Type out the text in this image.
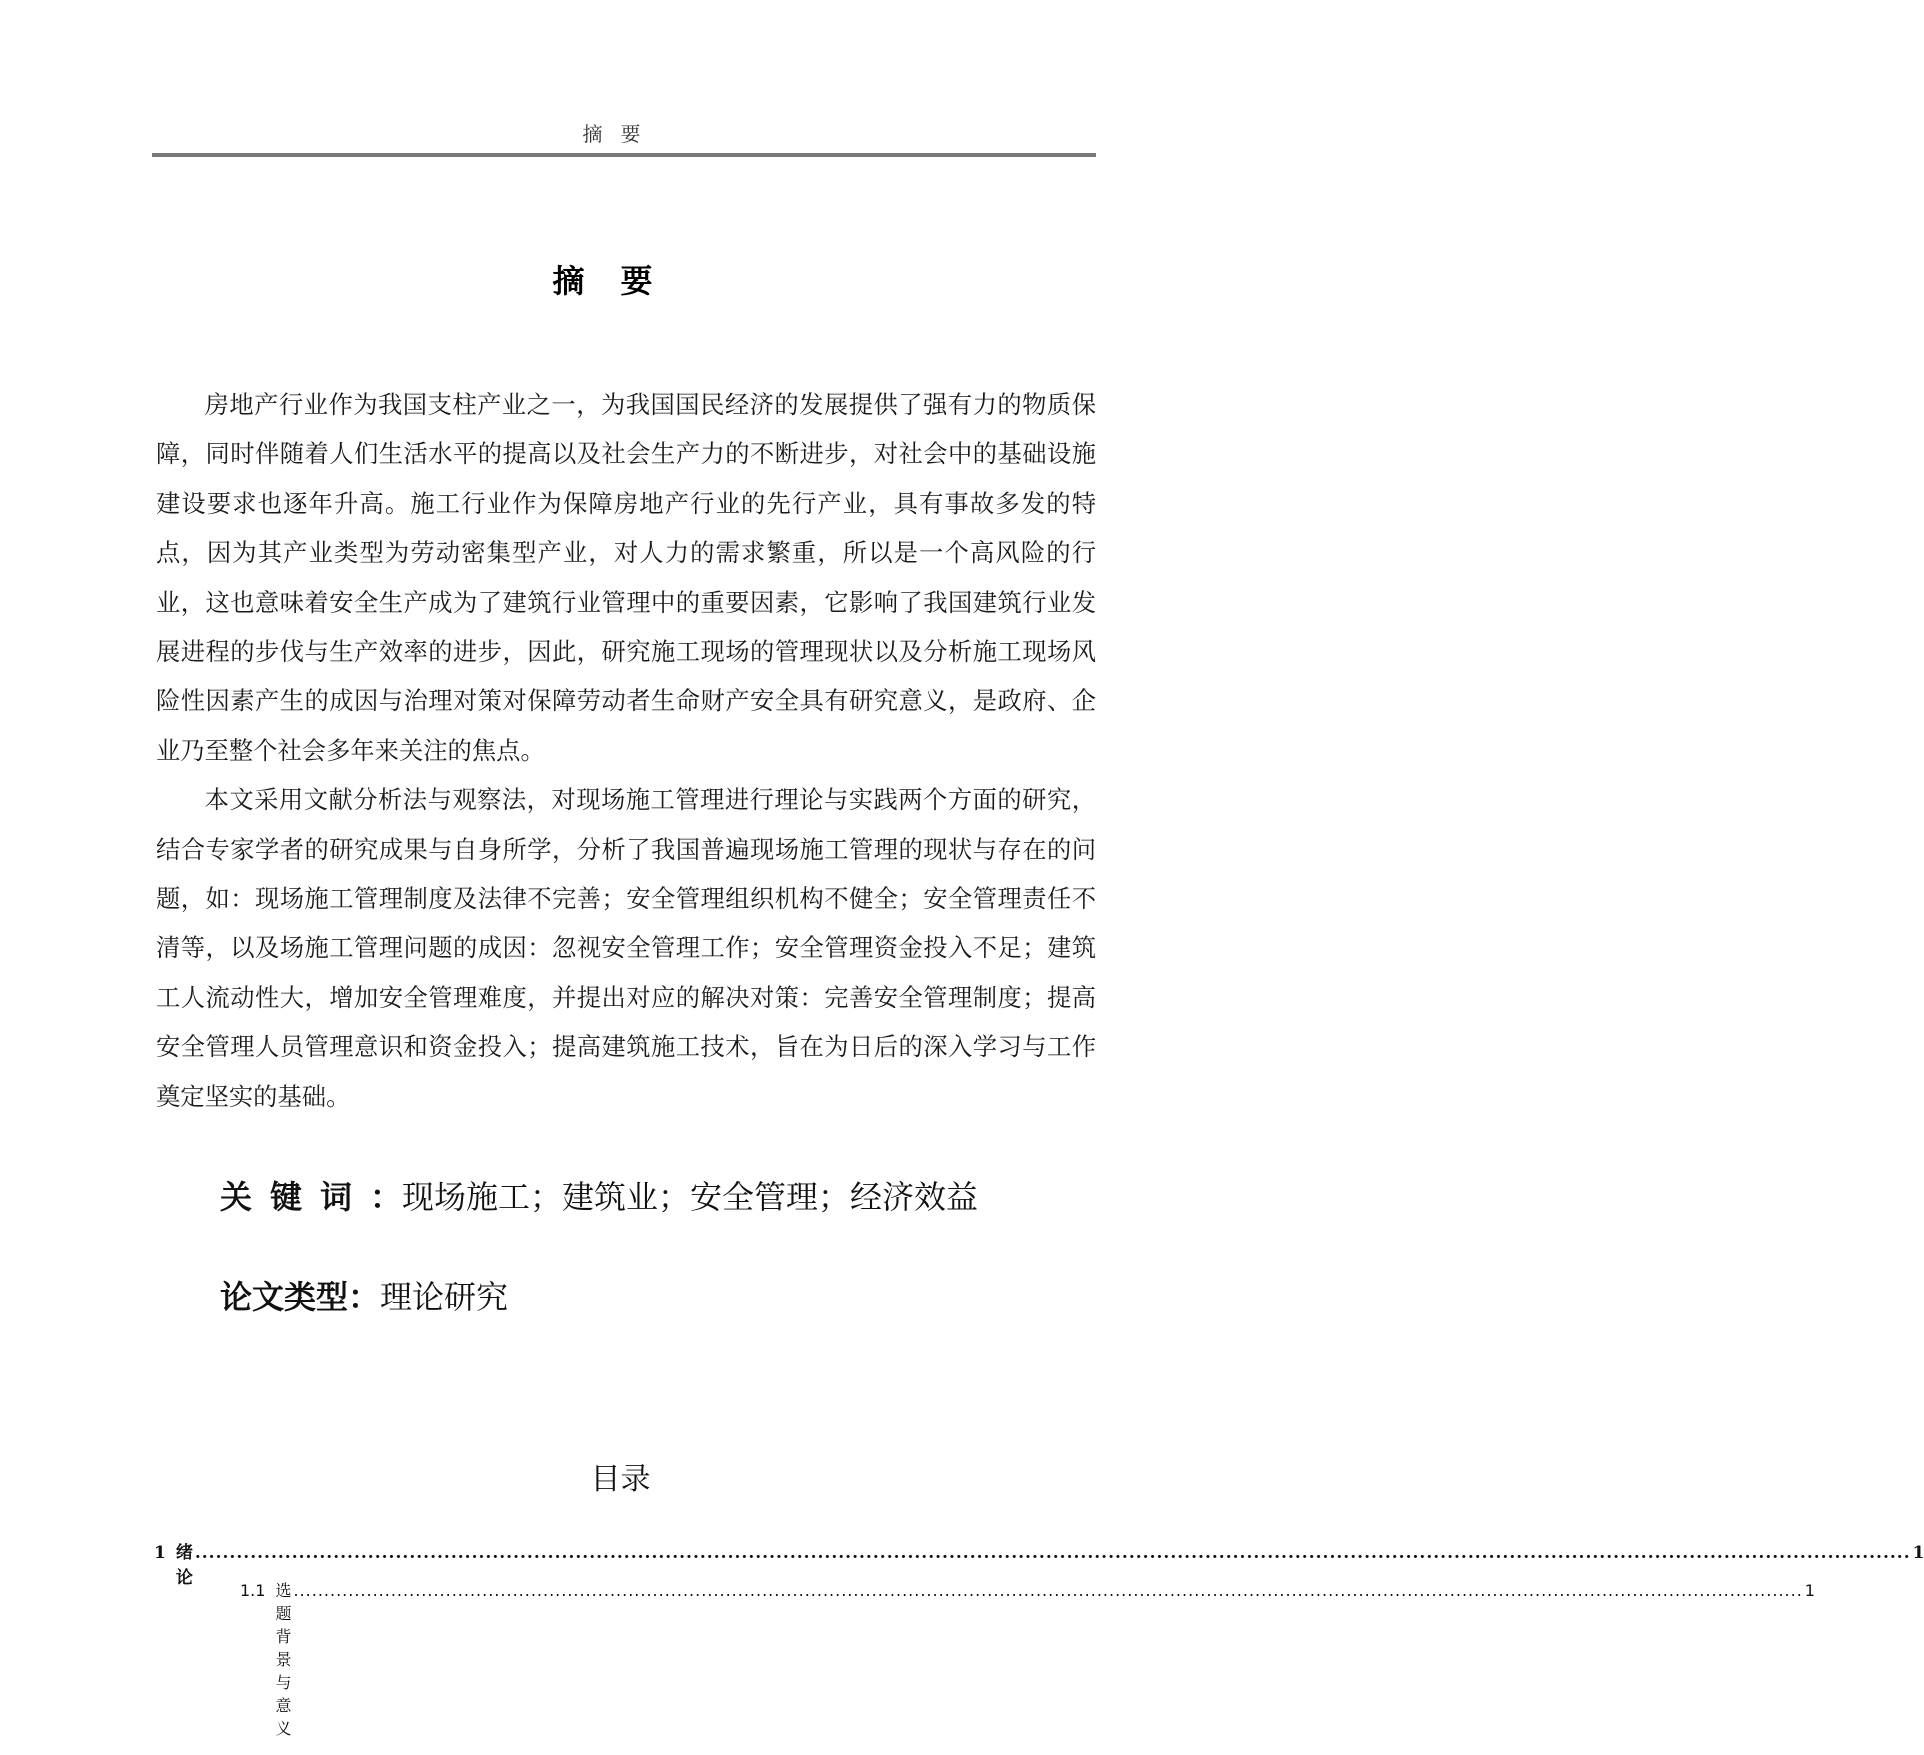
摘要
摘要

房地产行业作为我国支柱产业之一，为我国国民经济的发展提供了强有力的物质保障，同时伴随着人们生活水平的提高以及社会生产力的不断进步，对社会中的基础设施建设要求也逐年升高。施工行业作为保障房地产行业的先行产业，具有事故多发的特点，因为其产业类型为劳动密集型产业，对人力的需求繁重，所以是一个高风险的行业，这也意味着安全生产成为了建筑行业管理中的重要因素，它影响了我国建筑行业发展进程的步伐与生产效率的进步，因此，研究施工现场的管理现状以及分析施工现场风险性因素产生的成因与治理对策对保障劳动者生命财产安全具有研究意义，是政府、企业乃至整个社会多年来关注的焦点。

本文采用文献分析法与观察法，对现场施工管理进行理论与实践两个方面的研究，结合专家学者的研究成果与自身所学，分析了我国普遍现场施工管理的现状与存在的问题，如：现场施工管理制度及法律不完善；安全管理组织机构不健全；安全管理责任不清等，以及场施工管理问题的成因：忽视安全管理工作；安全管理资金投入不足；建筑工人流动性大，增加安全管理难度，并提出对应的解决对策：完善安全管理制度；提高安全管理人员管理意识和资金投入；提高建筑施工技术，旨在为日后的深入学习与工作奠定坚实的基础。

关键词：现场施工；建筑业；安全管理；经济效益
论文类型：理论研究
目录
1 绪论
........................................................................................................................................................................................................................................................ 1
1.1 选题背景与意义
........................................................................................................................................................................................................................................................ 1
